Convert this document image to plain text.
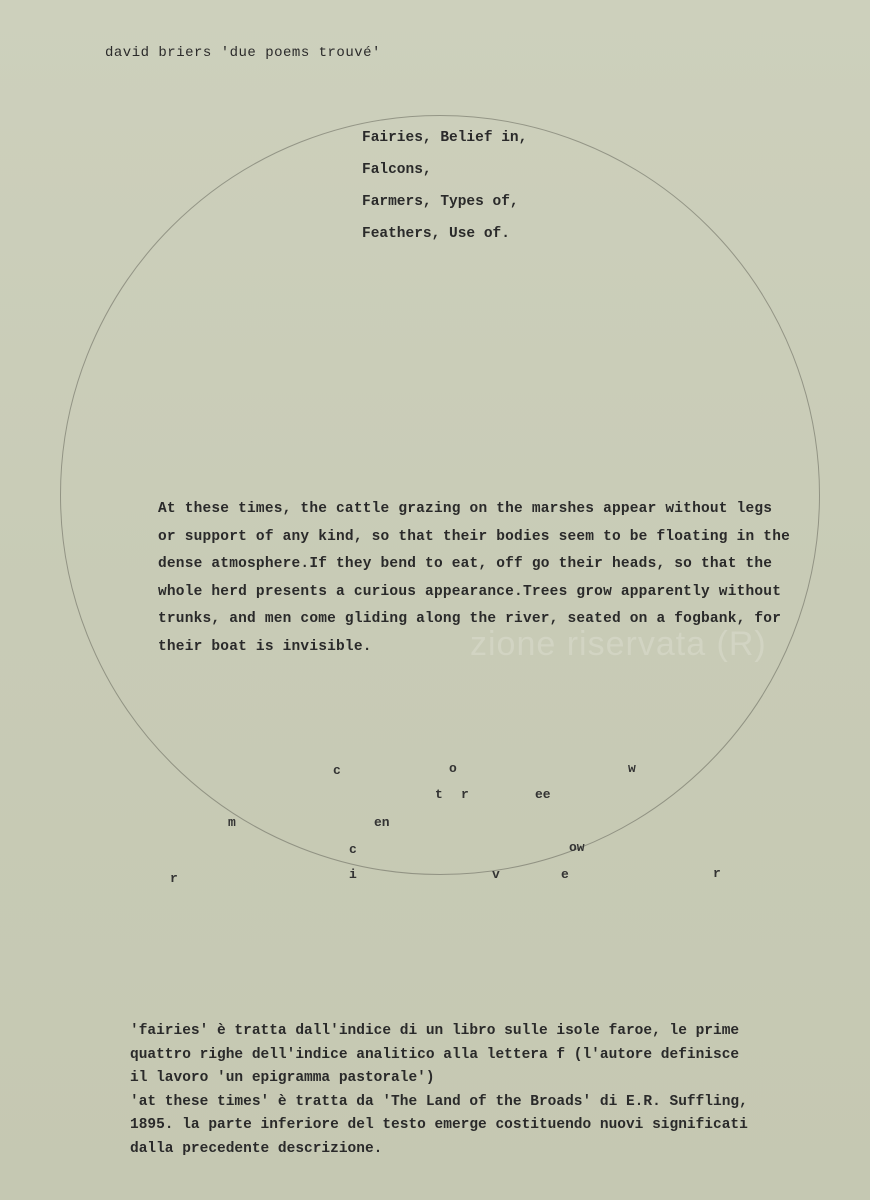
zione riservata (R)
david briers 'due poems trouvé'
Fairies, Belief in,
Falcons,
Farmers, Types of,
Feathers, Use of.
At these times, the cattle grazing on the marshes appear without legs
or support of any kind, so that their bodies seem to be floating in the
dense atmosphere.If they bend to eat, off go their heads, so that the
whole herd presents a curious appearance.Trees grow apparently without
trunks, and men come gliding along the river, seated on a fogbank, for
their boat is invisible.
c	o	w
t r	ee
m	en
c	ow
r	i	v	e	r
'fairies' è tratta dall'indice di un libro sulle isole faroe, le prime
quattro righe dell'indice analitico alla lettera f (l'autore definisce
il lavoro 'un epigramma pastorale')
'at these times' è tratta da 'The Land of the Broads' di E.R. Suffling,
1895. la parte inferiore del testo emerge costituendo nuovi significati
dalla precedente descrizione.
